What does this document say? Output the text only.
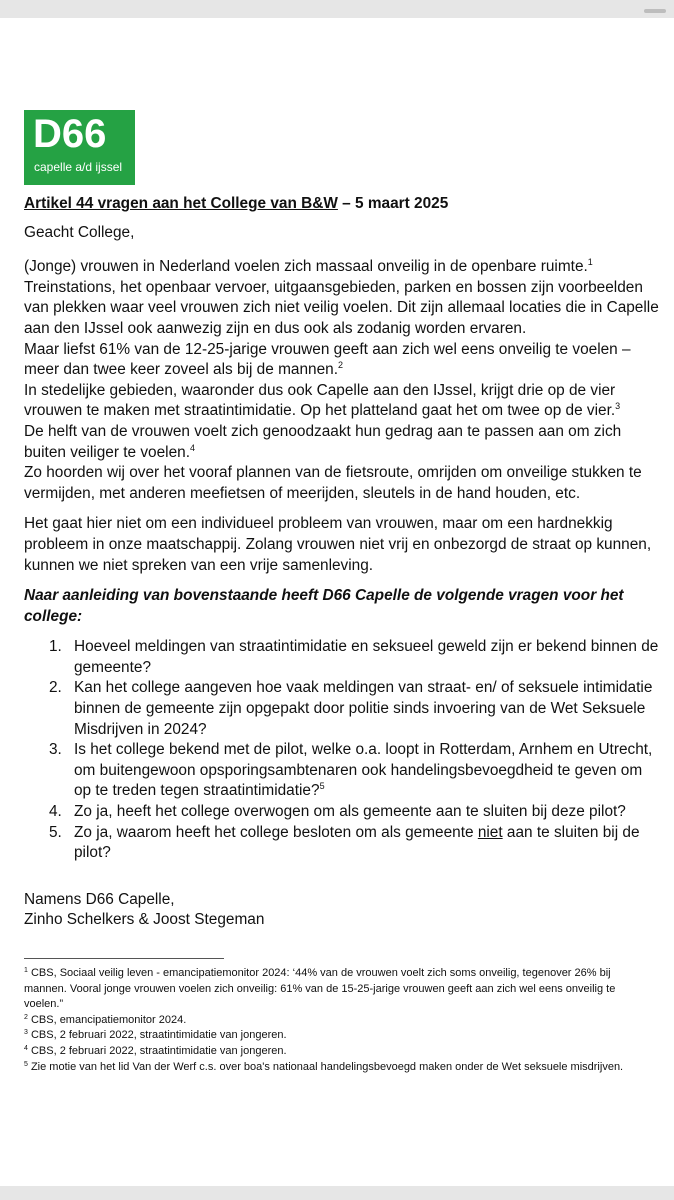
D66
capelle a/d ijssel
Artikel 44 vragen aan het College van B&W – 5 maart 2025

Geacht College,

(Jonge) vrouwen in Nederland voelen zich massaal onveilig in de openbare ruimte.$^1$

Treinstations, het openbaar vervoer, uitgaansgebieden, parken en bossen zijn voorbeelden

van plekken waar veel vrouwen zich niet veilig voelen. Dit zijn allemaal locaties die in Capelle

aan den IJssel ook aanwezig zijn en dus ook als zodanig worden ervaren.

Maar liefst 61% van de 12-25-jarige vrouwen geeft aan zich wel eens onveilig te voelen –

meer dan twee keer zoveel als bij de mannen.$^2$

In stedelijke gebieden, waaronder dus ook Capelle aan den IJssel, krijgt drie op de vier

vrouwen te maken met straatintimidatie. Op het platteland gaat het om twee op de vier.$^3$

De helft van de vrouwen voelt zich genoodzaakt hun gedrag aan te passen aan om zich

buiten veiliger te voelen.$^4$

Zo hoorden wij over het vooraf plannen van de fietsroute, omrijden om onveilige stukken te

vermijden, met anderen meefietsen of meerijden, sleutels in de hand houden, etc.

Het gaat hier niet om een individueel probleem van vrouwen, maar om een hardnekkig
probleem in onze maatschappij. Zolang vrouwen niet vrij en onbezorgd de straat op kunnen,
kunnen we niet spreken van een vrije samenleving.

Naar aanleiding van bovenstaande heeft D66 Capelle de volgende vragen voor het college:

1. Hoeveel meldingen van straatintimidatie en seksueel geweld zijn er bekend binnen de
gemeente?
2. Kan het college aangeven hoe vaak meldingen van straat- en/ of seksuele intimidatie
binnen de gemeente zijn opgepakt door politie sinds invoering van de Wet Seksuele
Misdrijven in 2024?
3. Is het college bekend met de pilot, welke o.a. loopt in Rotterdam, Arnhem en Utrecht,
om buitengewoon opsporingsambtenaren ook handelingsbevoegdheid te geven om
op te treden tegen straatintimidatie?$^5$
4. Zo ja, heeft het college overwogen om als gemeente aan te sluiten bij deze pilot?
5. Zo ja, waarom heeft het college besloten om als gemeente niet aan te sluiten bij de
pilot?

Namens D66 Capelle,

Zinho Schelkers & Joost Stegeman

$^1$ CBS, Sociaal veilig leven - emancipatiemonitor 2024: ‘44% van de vrouwen voelt zich soms onveilig, tegenover 26% bij

mannen. Vooral jonge vrouwen voelen zich onveilig: 61% van de 15-25-jarige vrouwen geeft aan zich wel eens onveilig te

voelen.”

$^2$ CBS, emancipatiemonitor 2024.

$^3$ CBS, 2 februari 2022, straatintimidatie van jongeren.

$^4$ CBS, 2 februari 2022, straatintimidatie van jongeren.

$^5$ Zie motie van het lid Van der Werf c.s. over boa's nationaal handelingsbevoegd maken onder de Wet seksuele misdrijven.
